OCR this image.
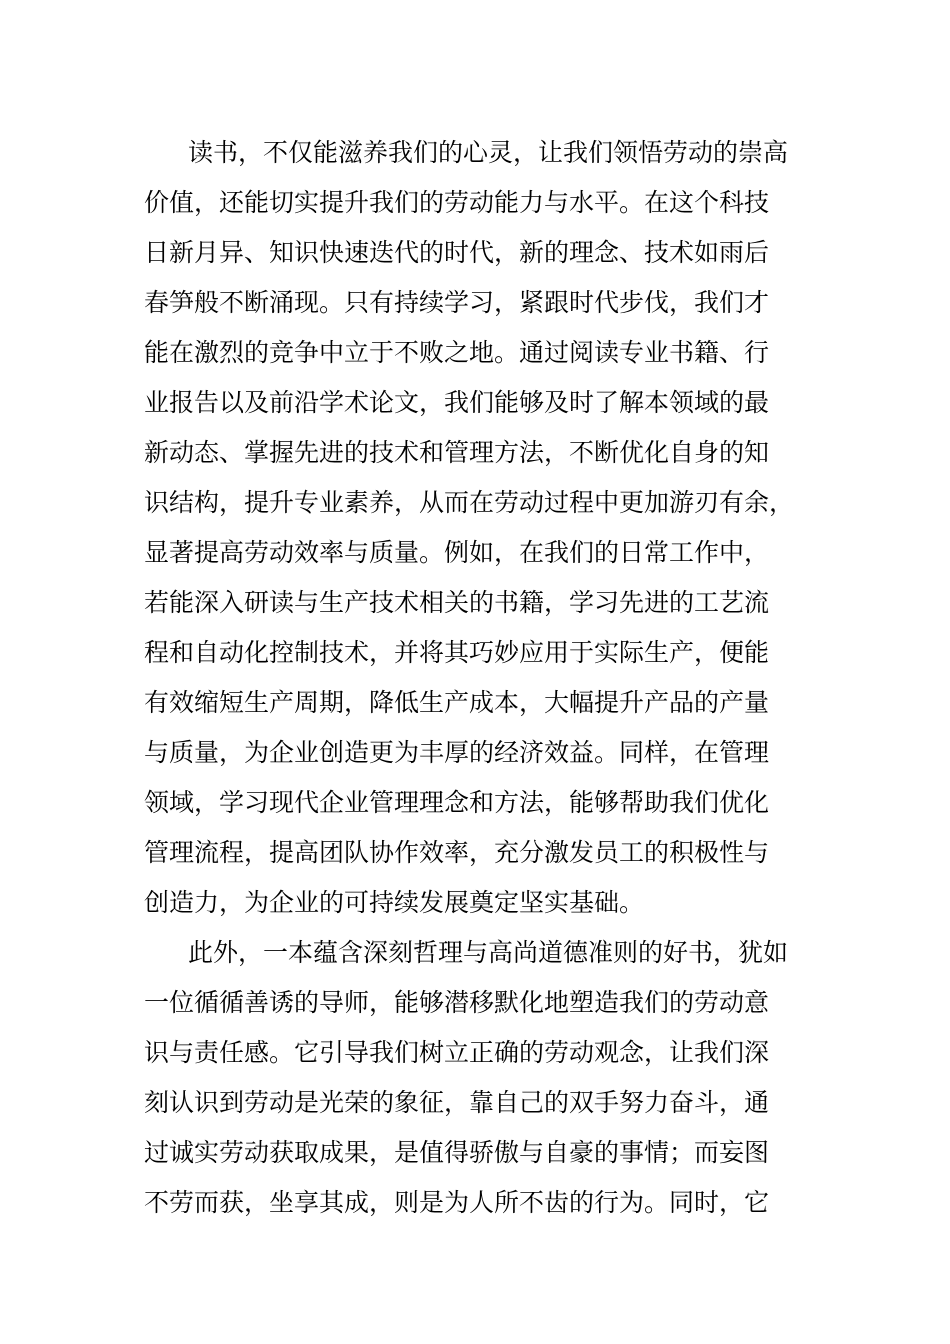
读书，不仅能滋养我们的心灵，让我们领悟劳动的崇高
价值，还能切实提升我们的劳动能力与水平。在这个科技
日新月异、知识快速迭代的时代，新的理念、技术如雨后
春笋般不断涌现。只有持续学习，紧跟时代步伐，我们才
能在激烈的竞争中立于不败之地。通过阅读专业书籍、行
业报告以及前沿学术论文，我们能够及时了解本领域的最
新动态、掌握先进的技术和管理方法，不断优化自身的知
识结构，提升专业素养，从而在劳动过程中更加游刃有余，
显著提高劳动效率与质量。例如，在我们的日常工作中，
若能深入研读与生产技术相关的书籍，学习先进的工艺流
程和自动化控制技术，并将其巧妙应用于实际生产，便能
有效缩短生产周期，降低生产成本，大幅提升产品的产量
与质量，为企业创造更为丰厚的经济效益。同样，在管理
领域，学习现代企业管理理念和方法，能够帮助我们优化
管理流程，提高团队协作效率，充分激发员工的积极性与
创造力，为企业的可持续发展奠定坚实基础。
此外，一本蕴含深刻哲理与高尚道德准则的好书，犹如
一位循循善诱的导师，能够潜移默化地塑造我们的劳动意
识与责任感。它引导我们树立正确的劳动观念，让我们深
刻认识到劳动是光荣的象征，靠自己的双手努力奋斗，通
过诚实劳动获取成果，是值得骄傲与自豪的事情；而妄图
不劳而获，坐享其成，则是为人所不齿的行为。同时，它
